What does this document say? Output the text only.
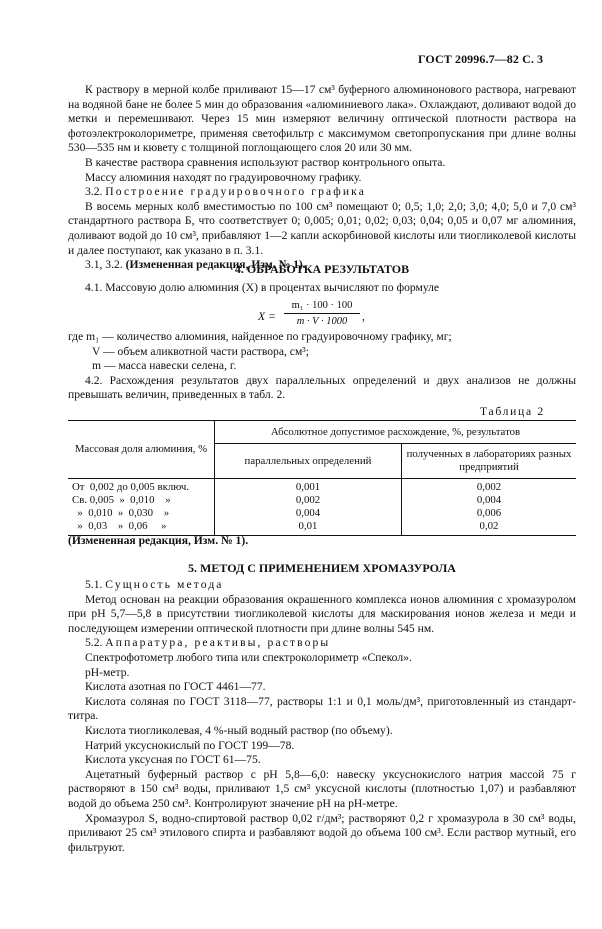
ГОСТ 20996.7—82 С. 3

К раствору в мерной колбе приливают 15—17 см³ буферного алюминонового раствора, нагревают на водяной бане не более 5 мин до образования «алюминиевого лака». Охлаждают, доливают водой до метки и перемешивают. Через 15 мин измеряют величину оптической плотности раствора на фотоэлектроколориметре, применяя светофильтр с максимумом светопропускания при длине волны 530—535 нм и кювету с толщиной поглощающего слоя 20 или 30 мм.

В качестве раствора сравнения используют раствор контрольного опыта.

Массу алюминия находят по градуировочному графику.

3.2. Построение градуировочного графика

В восемь мерных колб вместимостью по 100 см³ помещают 0; 0,5; 1,0; 2,0; 3,0; 4,0; 5,0 и 7,0 см³ стандартного раствора Б, что соответствует 0; 0,005; 0,01; 0,02; 0,03; 0,04; 0,05 и 0,07 мг алюминия, доливают водой до 10 см³, прибавляют 1—2 капли аскорбиновой кислоты или тиогликолевой кислоты и далее поступают, как указано в п. 3.1.

3.1, 3.2. (Измененная редакция, Изм. № 1).

4. ОБРАБОТКА РЕЗУЛЬТАТОВ

4.1. Массовую долю алюминия (X) в процентах вычисляют по формуле

X =
m₁ · 100 · 100
m · V · 1000	,

где m₁ — количество алюминия, найденное по градуировочному графику, мг;

V — объем аликвотной части раствора, см³;

m — масса навески селена, г.

4.2. Расхождения результатов двух параллельных определений и двух анализов не должны превышать величин, приведенных в табл. 2.

Таблица 2
Массовая доля алюминия, %	Абсолютное допустимое расхождение, %, результатов	
	параллельных определений	полученных в лабораториях разных предприятий
От  0,002 до 0,005 включ.	0,001	0,002
Св. 0,005  »  0,010    »	0,002	0,004
»  0,010  »  0,030    »	0,004	0,006
»  0,03    »  0,06     »	0,01	0,02

(Измененная редакция, Изм. № 1).

5. МЕТОД С ПРИМЕНЕНИЕМ ХРОМАЗУРОЛА

5.1. Сущность метода

Метод основан на реакции образования окрашенного комплекса ионов алюминия с хромазуролом при pH 5,7—5,8 в присутствии тиогликолевой кислоты для маскирования ионов железа и меди и последующем измерении оптической плотности при длине волны 545 нм.

5.2. Аппаратура, реактивы, растворы

Спектрофотометр любого типа или спектроколориметр «Спекол».

pH-метр.

Кислота азотная по ГОСТ 4461—77.

Кислота соляная по ГОСТ 3118—77, растворы 1:1 и 0,1 моль/дм³, приготовленный из стандарт-титра.

Кислота тиогликолевая, 4 %-ный водный раствор (по объему).

Натрий уксуснокислый по ГОСТ 199—78.

Кислота уксусная по ГОСТ 61—75.

Ацетатный буферный раствор с pH 5,8—6,0: навеску уксуснокислого натрия массой 75 г растворяют в 150 см³ воды, приливают 1,5 см³ уксусной кислоты (плотностью 1,07) и разбавляют водой до объема 250 см³. Контролируют значение pH на pH-метре.

Хромазурол S, водно-спиртовой раствор 0,02 г/дм³; растворяют 0,2 г хромазурола в 30 см³ воды, приливают 25 см³ этилового спирта и разбавляют водой до объема 100 см³. Если раствор мутный, его фильтруют.
